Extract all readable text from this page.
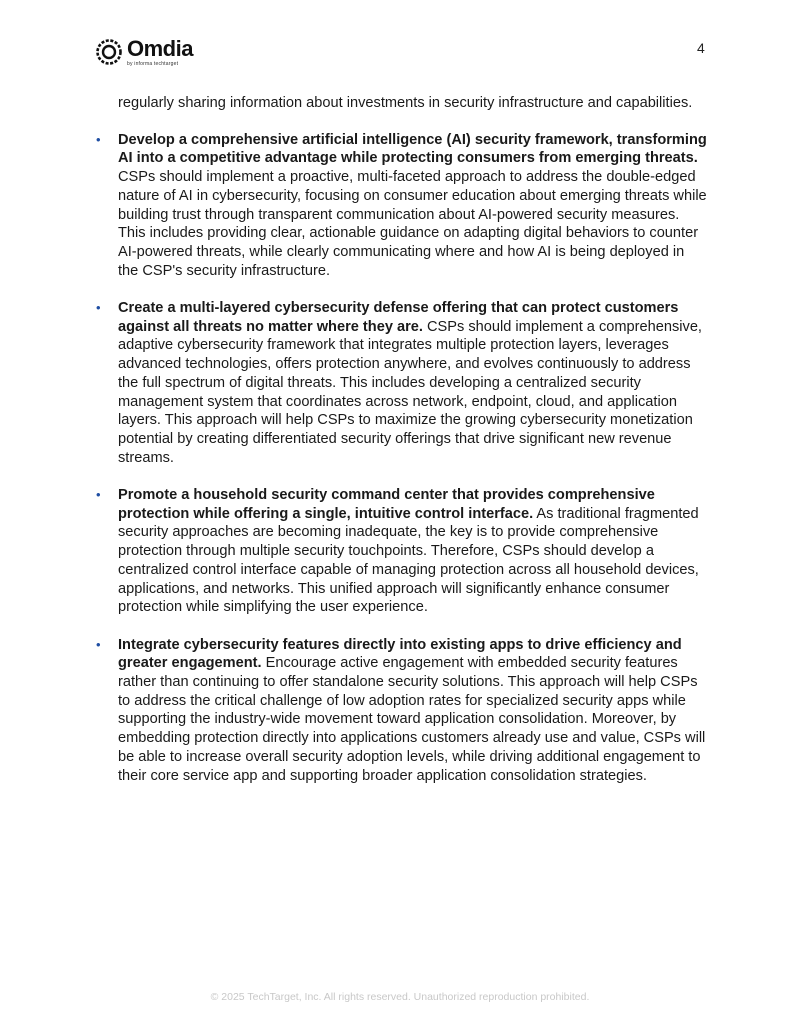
Omdia
by informa techtarget
4

regularly sharing information about investments in security infrastructure and capabilities.

• Develop a comprehensive artificial intelligence (AI) security framework, transforming AI into a competitive advantage while protecting consumers from emerging threats. CSPs should implement a proactive, multi-faceted approach to address the double-edged nature of AI in cybersecurity, focusing on consumer education about emerging threats while building trust through transparent communication about AI-powered security measures. This includes providing clear, actionable guidance on adapting digital behaviors to counter AI-powered threats, while clearly communicating where and how AI is being deployed in the CSP's security infrastructure.
• Create a multi-layered cybersecurity defense offering that can protect customers against all threats no matter where they are. CSPs should implement a comprehensive, adaptive cybersecurity framework that integrates multiple protection layers, leverages advanced technologies, offers protection anywhere, and evolves continuously to address the full spectrum of digital threats. This includes developing a centralized security management system that coordinates across network, endpoint, cloud, and application layers. This approach will help CSPs to maximize the growing cybersecurity monetization potential by creating differentiated security offerings that drive significant new revenue streams.
• Promote a household security command center that provides comprehensive protection while offering a single, intuitive control interface. As traditional fragmented security approaches are becoming inadequate, the key is to provide comprehensive protection through multiple security touchpoints. Therefore, CSPs should develop a centralized control interface capable of managing protection across all household devices, applications, and networks. This unified approach will significantly enhance consumer protection while simplifying the user experience.
• Integrate cybersecurity features directly into existing apps to drive efficiency and greater engagement. Encourage active engagement with embedded security features rather than continuing to offer standalone security solutions. This approach will help CSPs to address the critical challenge of low adoption rates for specialized security apps while supporting the industry-wide movement toward application consolidation. Moreover, by embedding protection directly into applications customers already use and value, CSPs will be able to increase overall security adoption levels, while driving additional engagement to their core service app and supporting broader application consolidation strategies.
© 2025 TechTarget, Inc. All rights reserved. Unauthorized reproduction prohibited.
